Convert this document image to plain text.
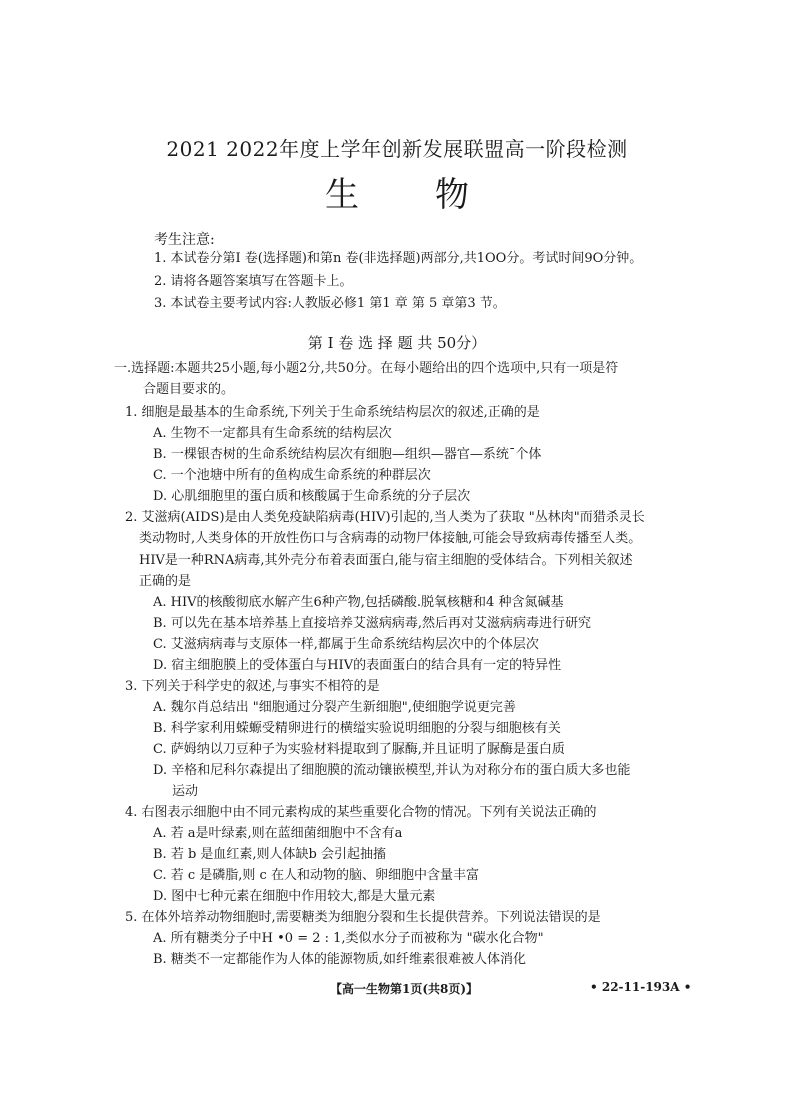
2021 2022年度上学年创新发展联盟高一阶段检测
生 物
考生注意:
1. 本试卷分第I 卷(选择题)和第n 卷(非选择题)两部分,共1OO分。考试时间9O分钟。
2. 请将各题答案填写在答题卡上。
3. 本试卷主要考试内容:人教版必修1 第1 章 第 5 章第3 节。
第 I 卷 选 择 题 共 50分）
一.选择题:本题共25小题,每小题2分,共50分。在每小题给出的四个选项中,只有一项是符
合题目要求的。
1. 细胞是最基本的生命系统,下列关于生命系统结构层次的叙述,正确的是
A. 生物不一定都具有生命系统的结构层次
B. 一棵银杏树的生命系统结构层次有细胞—组织—器官—系统¯个体
C. 一个池塘中所有的鱼构成生命系统的种群层次
D. 心肌细胞里的蛋白质和核酸属于生命系统的分子层次
2. 艾滋病(AIDS)是由人类免疫缺陷病毒(HIV)引起的,当人类为了获取 "丛林肉"而猎杀灵长
类动物时,人类身体的开放性伤口与含病毒的动物尸体接触,可能会导致病毒传播至人类。
HIV是一种RNA病毒,其外壳分布着表面蛋白,能与宿主细胞的受体结合。下列相关叙述
正确的是
A. HIV的核酸彻底水解产生6种产物,包括磷酸.脱氧核糖和4 种含氮碱基
B. 可以先在基本培养基上直接培养艾滋病病毒,然后再对艾滋病病毒进行研究
C. 艾滋病病毒与支原体一样,都属于生命系统结构层次中的个体层次
D. 宿主细胞膜上的受体蛋白与HIV的表面蛋白的结合具有一定的特异性
3. 下列关于科学史的叙述,与事实不相符的是
A. 魏尔肖总结出 "细胞通过分裂产生新细胞",使细胞学说更完善
B. 科学家利用蝾螈受精卵进行的横缢实验说明细胞的分裂与细胞核有关
C. 萨姆纳以刀豆种子为实验材料提取到了脲酶,并且证明了脲酶是蛋白质
D. 辛格和尼科尔森提出了细胞膜的流动镶嵌模型,并认为对称分布的蛋白质大多也能
运动
4. 右图表示细胞中由不同元素构成的某些重要化合物的情况。下列有关说法正确的
A. 若 a是叶绿素,则在蓝细菌细胞中不含有a
B. 若 b 是血红素,则人体缺b 会引起抽搐
C. 若 c 是磷脂,则 c 在人和动物的脑、卵细胞中含量丰富
D. 图中七种元素在细胞中作用较大,都是大量元素
5. 在体外培养动物细胞时,需要糖类为细胞分裂和生长提供营养。下列说法错误的是
A. 所有糖类分子中H •0 = 2 : 1,类似水分子而被称为 "碳水化合物"
B. 糖类不一定都能作为人体的能源物质,如纤维素很难被人体消化
【高一生物第1页(共8页)】	• 22-11-193A •
